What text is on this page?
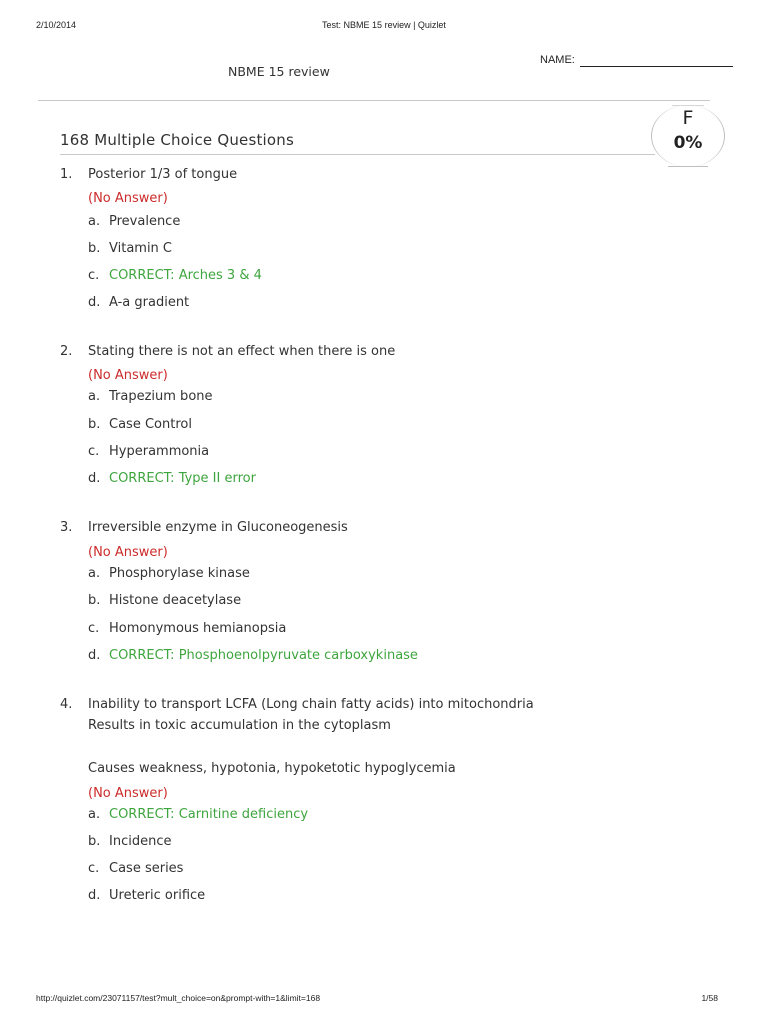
2/10/2014	Test: NBME 15 review | Quizlet
NBME 15 review
NAME:
F
0%
168 Multiple Choice Questions
1. Posterior 1/3 of tongue
(No Answer)
a. Prevalence
b. Vitamin C
c. CORRECT: Arches 3 & 4
d. A-a gradient
2. Stating there is not an effect when there is one
(No Answer)
a. Trapezium bone
b. Case Control
c. Hyperammonia
d. CORRECT: Type II error
3. Irreversible enzyme in Gluconeogenesis
(No Answer)
a. Phosphorylase kinase
b. Histone deacetylase
c. Homonymous hemianopsia
d. CORRECT: Phosphoenolpyruvate carboxykinase
4. Inability to transport LCFA (Long chain fatty acids) into mitochondria
Results in toxic accumulation in the cytoplasm
Causes weakness, hypotonia, hypoketotic hypoglycemia
(No Answer)
a. CORRECT: Carnitine deficiency
b. Incidence
c. Case series
d. Ureteric orifice
http://quizlet.com/23071157/test?mult_choice=on&prompt-with=1&limit=168	1/58
